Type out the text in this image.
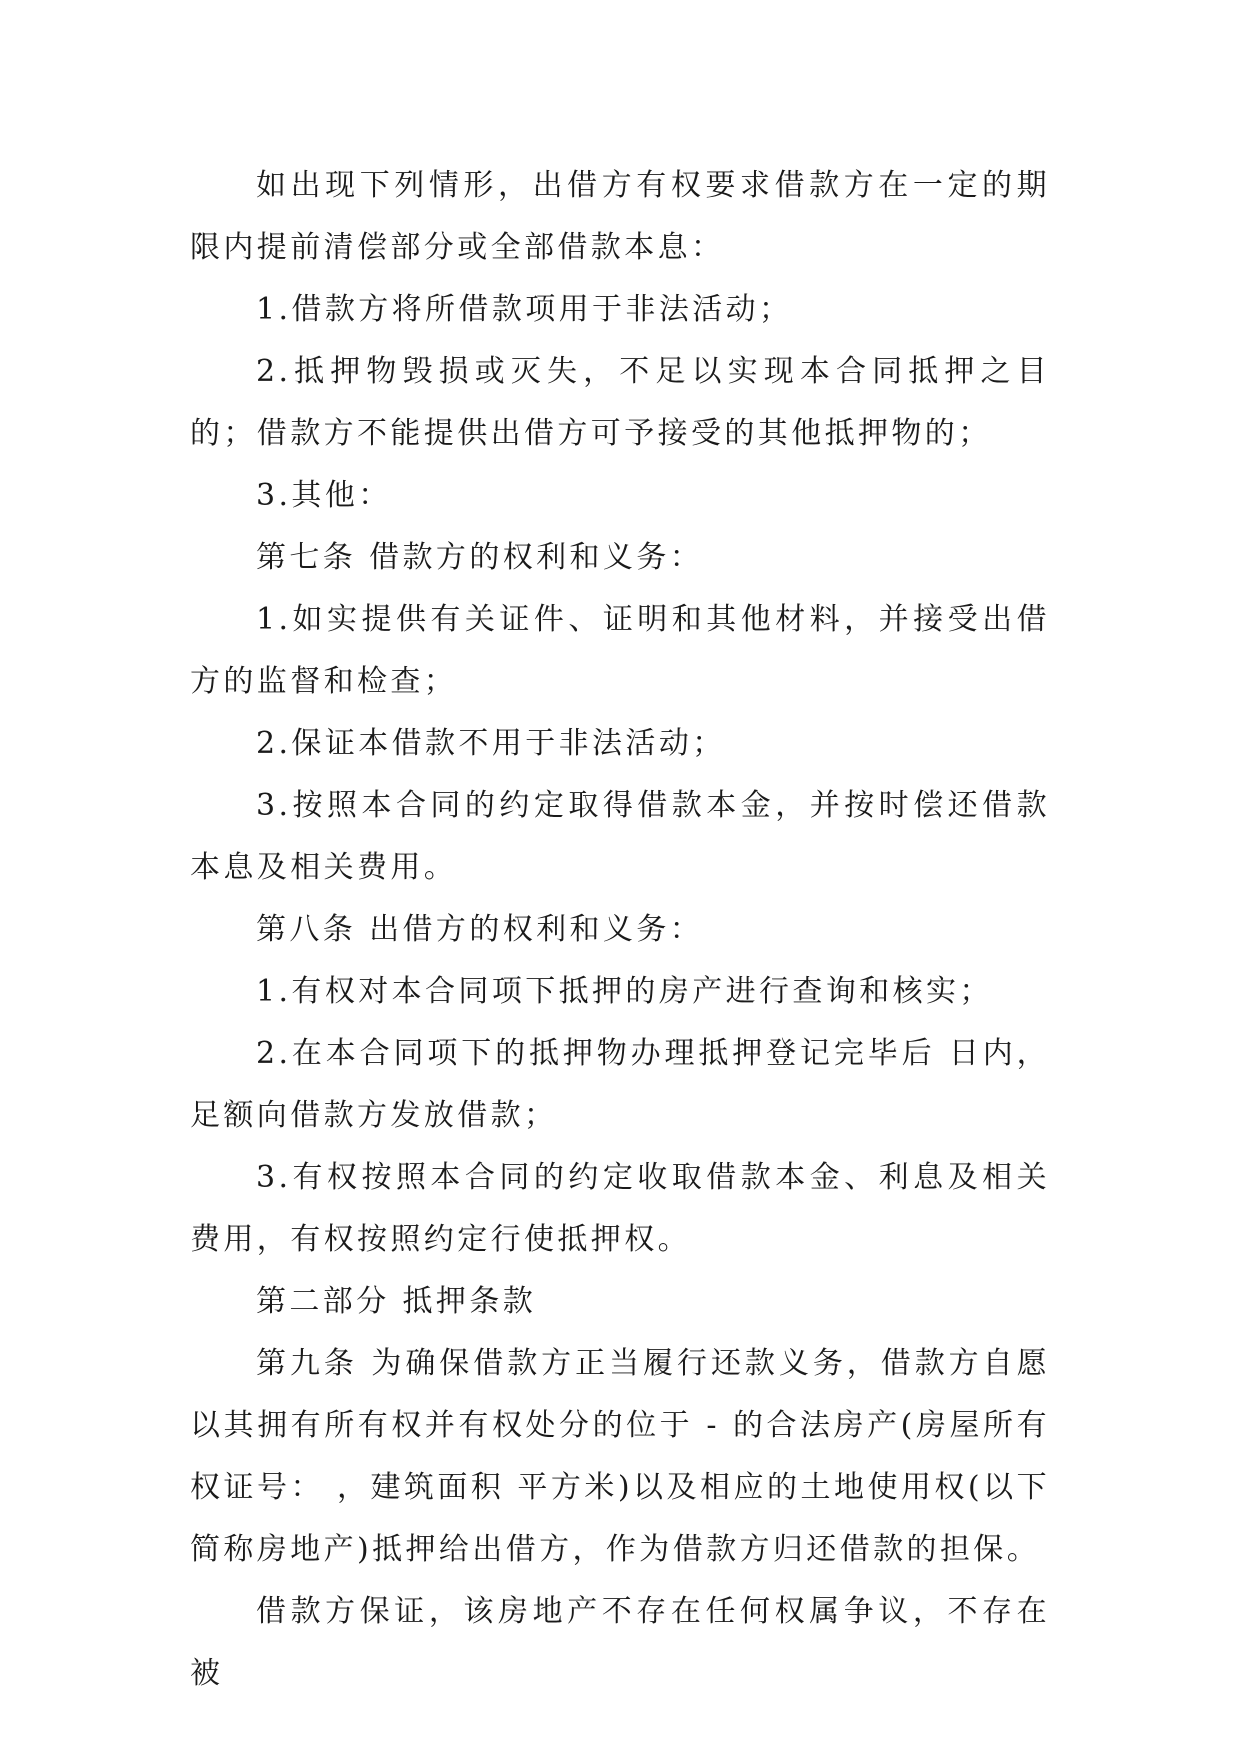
如出现下列情形，出借方有权要求借款方在一定的期限内提前清偿部分或全部借款本息：

1.借款方将所借款项用于非法活动；

2.抵押物毁损或灭失，不足以实现本合同抵押之目的；借款方不能提供出借方可予接受的其他抵押物的；

3.其他：

第七条 借款方的权利和义务：

1.如实提供有关证件、证明和其他材料，并接受出借方的监督和检查；

2.保证本借款不用于非法活动；

3.按照本合同的约定取得借款本金，并按时偿还借款本息及相关费用。

第八条 出借方的权利和义务：

1.有权对本合同项下抵押的房产进行查询和核实；

2.在本合同项下的抵押物办理抵押登记完毕后 日内，足额向借款方发放借款；

3.有权按照本合同的约定收取借款本金、利息及相关费用，有权按照约定行使抵押权。

第二部分 抵押条款

第九条 为确保借款方正当履行还款义务，借款方自愿以其拥有所有权并有权处分的位于 - 的合法房产(房屋所有权证号： ，建筑面积 平方米)以及相应的土地使用权(以下简称房地产)抵押给出借方，作为借款方归还借款的担保。

借款方保证，该房地产不存在任何权属争议，不存在被
